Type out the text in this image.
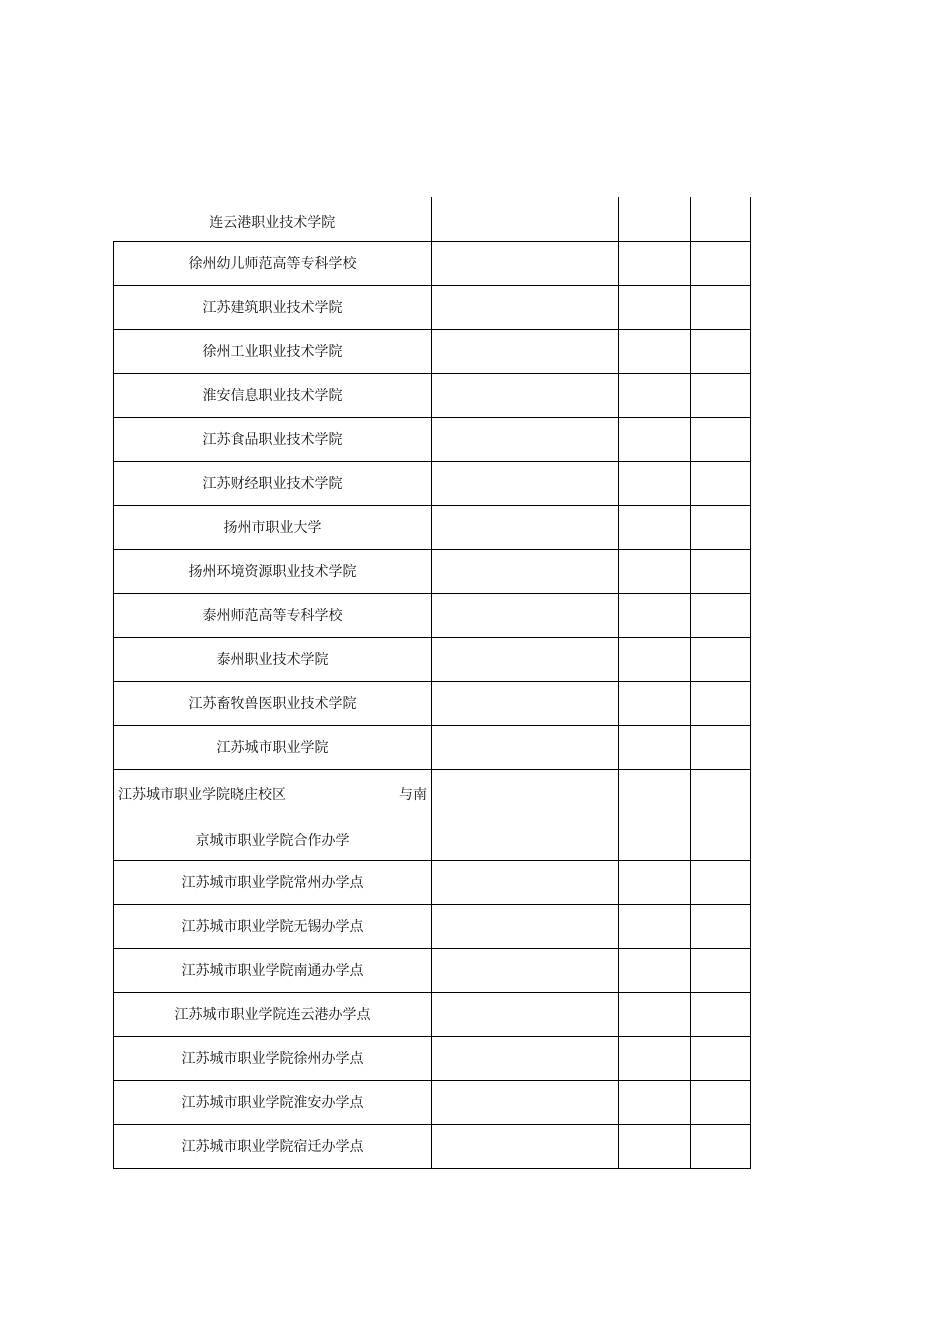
连云港职业技术学院			
徐州幼儿师范高等专科学校			
江苏建筑职业技术学院			
徐州工业职业技术学院			
淮安信息职业技术学院			
江苏食品职业技术学院			
江苏财经职业技术学院			
扬州市职业大学			
扬州环境资源职业技术学院			
泰州师范高等专科学校			
泰州职业技术学院			
江苏畜牧兽医职业技术学院			
江苏城市职业学院			

江苏城市职业学院晓庄校区 与南
京城市职业学院合作办学			

江苏城市职业学院常州办学点			
江苏城市职业学院无锡办学点			
江苏城市职业学院南通办学点			
江苏城市职业学院连云港办学点			
江苏城市职业学院徐州办学点			
江苏城市职业学院淮安办学点			
江苏城市职业学院宿迁办学点			
